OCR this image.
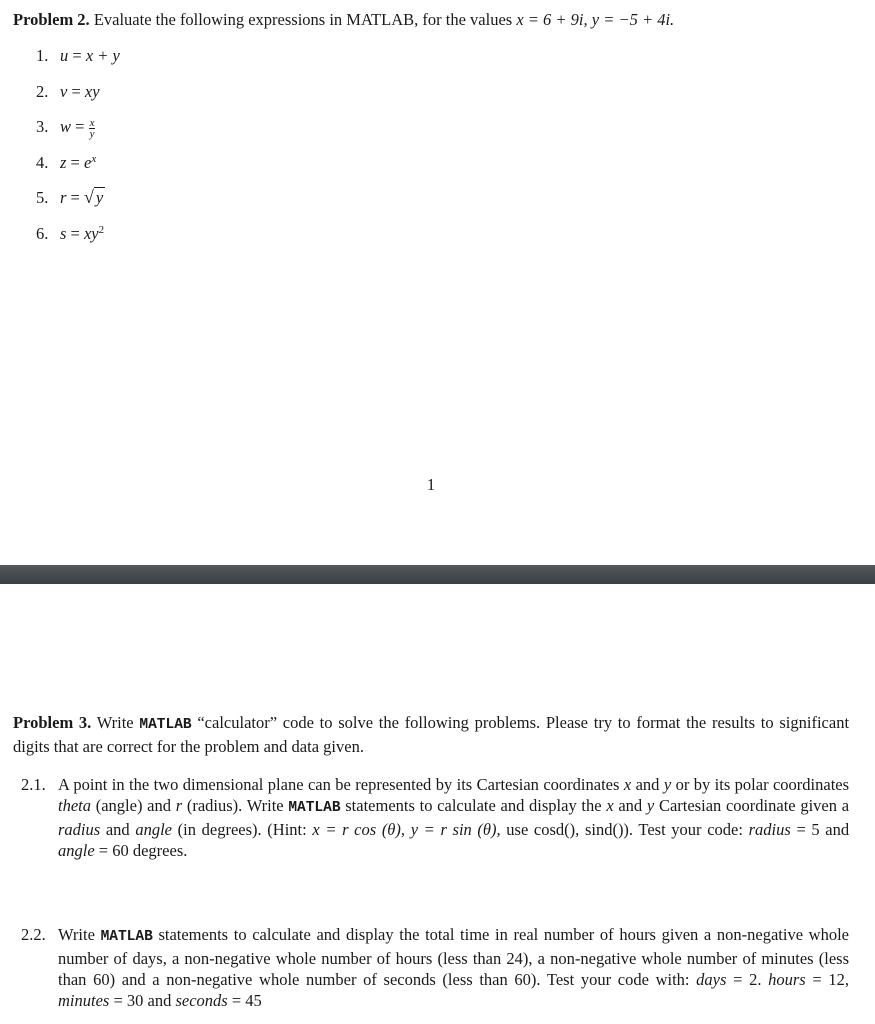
Problem 2. Evaluate the following expressions in MATLAB, for the values x = 6 + 9i, y = −5 + 4i.
1. u = x + y
2. v = xy
3. $w = \frac{x}{y}$
4. $z = e^x$
5. r = √ y
6. $s = xy^2$
1
Problem 3. Write MATLAB “calculator” code to solve the following problems. Please try to format the results to significant digits that are correct for the problem and data given.
2.1. A point in the two dimensional plane can be represented by its Cartesian coordinates x and y or by its polar coordinates theta (angle) and r (radius). Write MATLAB statements to calculate and display the x and y Cartesian coordinate given a radius and angle (in degrees). (Hint: x = r cos (θ), y = r sin (θ), use cosd(), sind()). Test your code: radius = 5 and angle = 60 degrees.
2.2. Write MATLAB statements to calculate and display the total time in real number of hours given a non-negative whole number of days, a non-negative whole number of hours (less than 24), a non-negative whole number of minutes (less than 60) and a non-negative whole number of seconds (less than 60). Test your code with: days = 2. hours = 12, minutes = 30 and seconds = 45
